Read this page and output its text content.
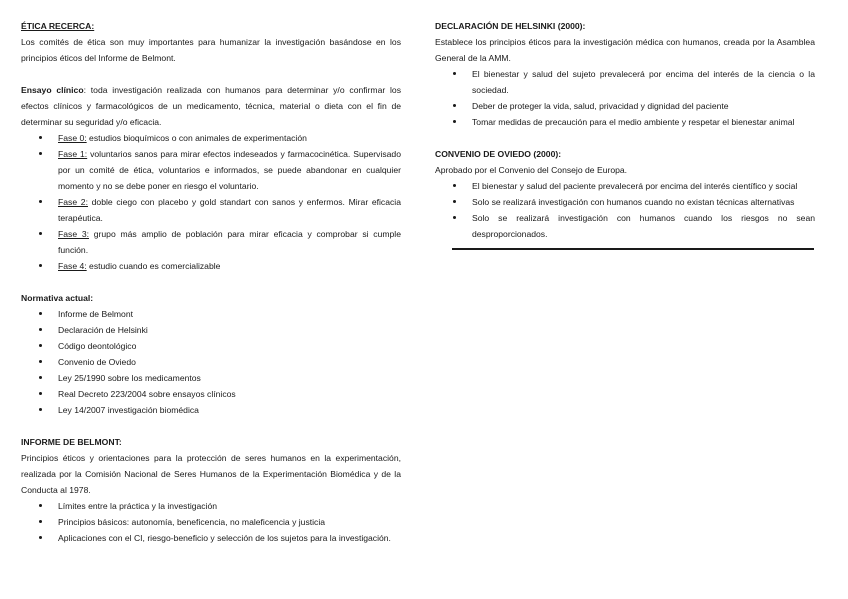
ÉTICA RECERCA:

Los comités de ética son muy importantes para humanizar la investigación basándose en los principios éticos del Informe de Belmont.

Ensayo clínico: toda investigación realizada con humanos para determinar y/o confirmar los efectos clínicos y farmacológicos de un medicamento, técnica, material o dieta con el fin de determinar su seguridad y/o eficacia.

Fase 0: estudios bioquímicos o con animales de experimentación
Fase 1: voluntarios sanos para mirar efectos indeseados y farmacocinética. Supervisado por un comité de ética, voluntarios e informados, se puede abandonar en cualquier momento y no se debe poner en riesgo el voluntario.
Fase 2: doble ciego con placebo y gold standart con sanos y enfermos. Mirar eficacia terapéutica.
Fase 3: grupo más amplio de población para mirar eficacia y comprobar si cumple función.
Fase 4: estudio cuando es comercializable
Normativa actual:
Informe de Belmont
Declaración de Helsinki
Código deontológico
Convenio de Oviedo
Ley 25/1990 sobre los medicamentos
Real Decreto 223/2004 sobre ensayos clínicos
Ley 14/2007 investigación biomédica
INFORME DE BELMONT:

Principios éticos y orientaciones para la protección de seres humanos en la experimentación, realizada por la Comisión Nacional de Seres Humanos de la Experimentación Biomédica y de la Conducta al 1978.

Límites entre la práctica y la investigación
Principios básicos: autonomía, beneficencia, no maleficencia y justicia
Aplicaciones con el CI, riesgo-beneficio y selección de los sujetos para la investigación.
DECLARACIÓN DE HELSINKI (2000):

Establece los principios éticos para la investigación médica con humanos, creada por la Asamblea General de la AMM.

El bienestar y salud del sujeto prevalecerá por encima del interés de la ciencia o la sociedad.
Deber de proteger la vida, salud, privacidad y dignidad del paciente
Tomar medidas de precaución para el medio ambiente y respetar el bienestar animal
CONVENIO DE OVIEDO (2000):

Aprobado por el Convenio del Consejo de Europa.

El bienestar y salud del paciente prevalecerá por encima del interés científico y social
Solo se realizará investigación con humanos cuando no existan técnicas alternativas
Solo se realizará investigación con humanos cuando los riesgos no sean desproporcionados.
